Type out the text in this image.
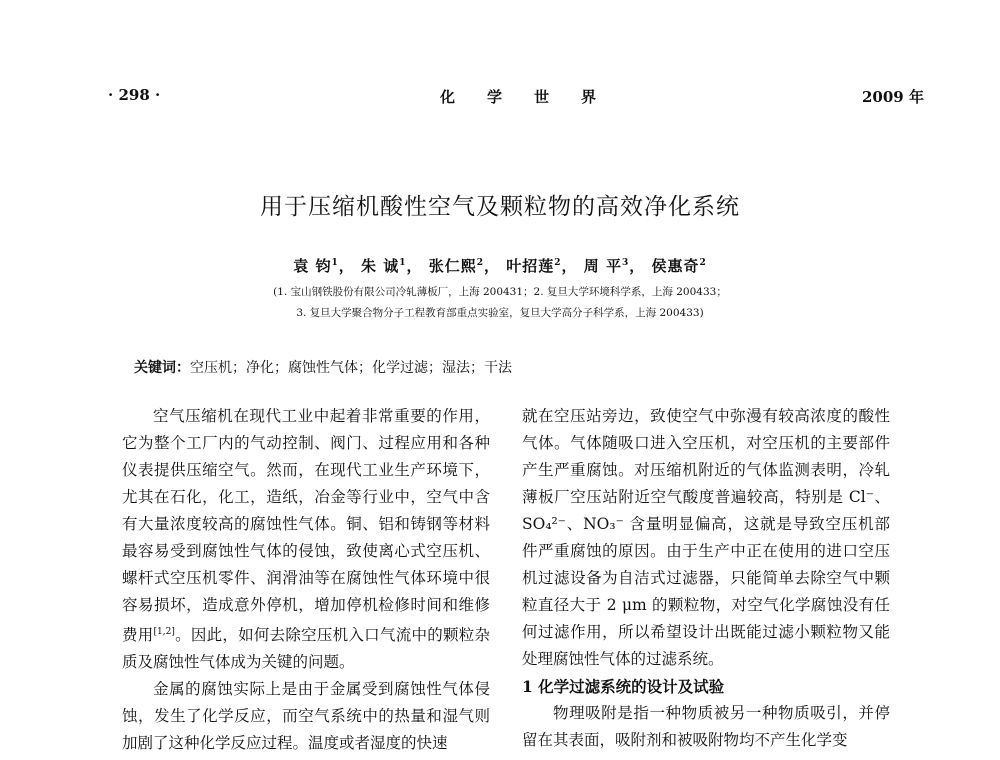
· 298 ·	化学世界	2009 年
用于压缩机酸性空气及颗粒物的高效净化系统
袁 钧$^1$， 朱 诚$^1$， 张仁熙$^2$， 叶招莲$^2$， 周 平$^3$， 侯惠奇$^2$
(1. 宝山钢铁股份有限公司冷轧薄板厂，上海 200431；2. 复旦大学环境科学系，上海 200433；
3. 复旦大学聚合物分子工程教育部重点实验室，复旦大学高分子科学系，上海 200433)
关键词：空压机；净化；腐蚀性气体；化学过滤；湿法；干法

空气压缩机在现代工业中起着非常重要的作用，它为整个工厂内的气动控制、阀门、过程应用和各种仪表提供压缩空气。然而，在现代工业生产环境下，尤其在石化，化工，造纸，冶金等行业中，空气中含有大量浓度较高的腐蚀性气体。铜、铝和铸钢等材料最容易受到腐蚀性气体的侵蚀，致使离心式空压机、螺杆式空压机零件、润滑油等在腐蚀性气体环境中很容易损坏，造成意外停机，增加停机检修时间和维修费用[1,2]。因此，如何去除空压机入口气流中的颗粒杂质及腐蚀性气体成为关键的问题。

金属的腐蚀实际上是由于金属受到腐蚀性气体侵蚀，发生了化学反应，而空气系统中的热量和湿气则加剧了这种化学反应过程。温度或者湿度的快速

就在空压站旁边，致使空气中弥漫有较高浓度的酸性气体。气体随吸口进入空压机，对空压机的主要部件产生严重腐蚀。对压缩机附近的气体监测表明，冷轧薄板厂空压站附近空气酸度普遍较高，特别是 Cl⁻、SO₄²⁻、NO₃⁻ 含量明显偏高，这就是导致空压机部件严重腐蚀的原因。由于生产中正在使用的进口空压机过滤设备为自洁式过滤器，只能简单去除空气中颗粒直径大于 2 μm 的颗粒物，对空气化学腐蚀没有任何过滤作用，所以希望设计出既能过滤小颗粒物又能处理腐蚀性气体的过滤系统。

1 化学过滤系统的设计及试验

物理吸附是指一种物质被另一种物质吸引，并停留在其表面，吸附剂和被吸附物均不产生化学变
